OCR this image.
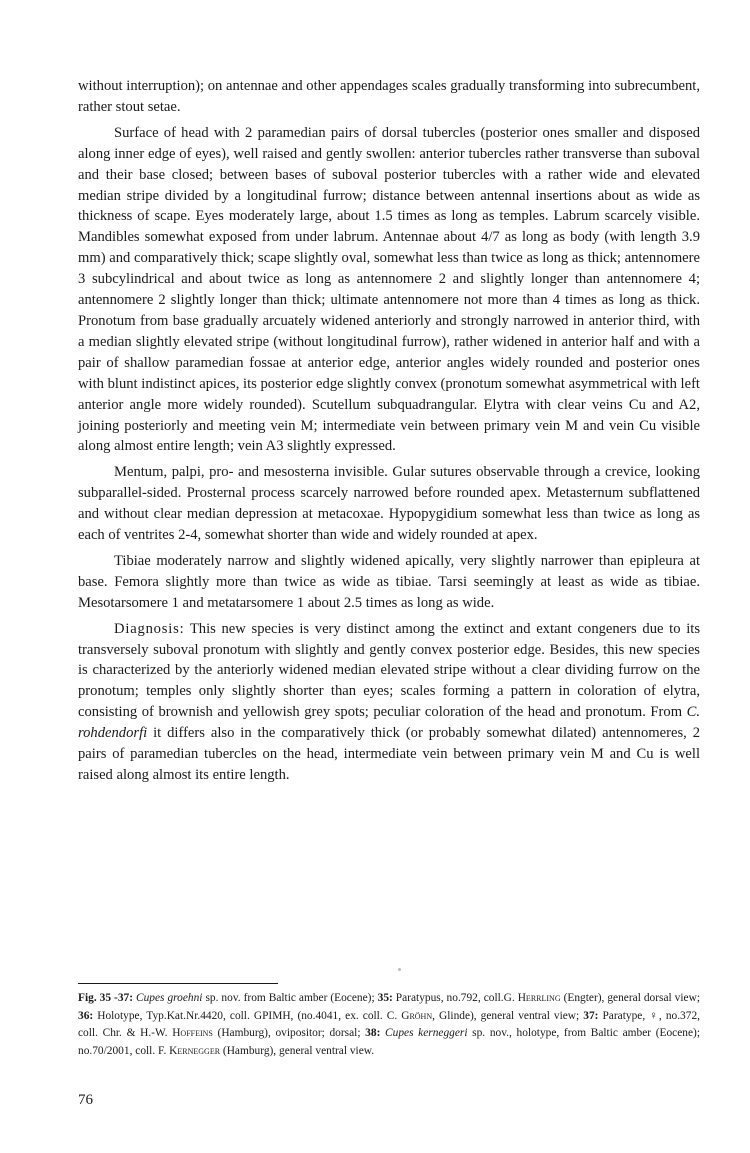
without interruption); on antennae and other appendages scales gradually transforming into subrecumbent, rather stout setae.

Surface of head with 2 paramedian pairs of dorsal tubercles (posterior ones smaller and disposed along inner edge of eyes), well raised and gently swollen: anterior tubercles rather transverse than suboval and their base closed; between bases of suboval posterior tubercles with a rather wide and elevated median stripe divided by a longitudinal furrow; distance between antennal insertions about as wide as thickness of scape. Eyes moderately large, about 1.5 times as long as temples. Labrum scarcely visible. Mandibles somewhat exposed from under labrum. Antennae about 4/7 as long as body (with length 3.9 mm) and comparatively thick; scape slightly oval, somewhat less than twice as long as thick; antennomere 3 subcylindrical and about twice as long as antennomere 2 and slightly longer than antennomere 4; antennomere 2 slightly longer than thick; ultimate antennomere not more than 4 times as long as thick. Pronotum from base gradually arcuately widened anteriorly and strongly narrowed in anterior third, with a median slightly elevated stripe (without longitudinal furrow), rather widened in anterior half and with a pair of shallow paramedian fossae at anterior edge, anterior angles widely rounded and posterior ones with blunt indistinct apices, its posterior edge slightly convex (pronotum somewhat asymmetrical with left anterior angle more widely rounded). Scutellum subquadrangular. Elytra with clear veins Cu and A2, joining posteriorly and meeting vein M; intermediate vein between primary vein M and vein Cu visible along almost entire length; vein A3 slightly expressed.

Mentum, palpi, pro- and mesosterna invisible. Gular sutures observable through a crevice, looking subparallel-sided. Prosternal process scarcely narrowed before rounded apex. Metasternum subflattened and without clear median depression at metacoxae. Hypopygidium somewhat less than twice as long as each of ventrites 2-4, somewhat shorter than wide and widely rounded at apex.

Tibiae moderately narrow and slightly widened apically, very slightly narrower than epipleura at base. Femora slightly more than twice as wide as tibiae. Tarsi seemingly at least as wide as tibiae. Mesotarsomere 1 and metatarsomere 1 about 2.5 times as long as wide.

Diagnosis: This new species is very distinct among the extinct and extant congeners due to its transversely suboval pronotum with slightly and gently convex posterior edge. Besides, this new species is characterized by the anteriorly widened median elevated stripe without a clear dividing furrow on the pronotum; temples only slightly shorter than eyes; scales forming a pattern in coloration of elytra, consisting of brownish and yellowish grey spots; peculiar coloration of the head and pronotum. From C. rohdendorfi it differs also in the comparatively thick (or probably somewhat dilated) antennomeres, 2 pairs of paramedian tubercles on the head, intermediate vein between primary vein M and Cu is well raised along almost its entire length.

Fig. 35 -37: Cupes groehni sp. nov. from Baltic amber (Eocene); 35: Paratypus, no.792, coll.G. Herrling (Engter), general dorsal view; 36: Holotype, Typ.Kat.Nr.4420, coll. GPIMH, (no.4041, ex. coll. C. Gröhn, Glinde), general ventral view; 37: Paratype, ♀, no.372, coll. Chr. & H.-W. Hoffeins (Hamburg), ovipositor; dorsal; 38: Cupes kerneggeri sp. nov., holotype, from Baltic amber (Eocene); no.70/2001, coll. F. Kernegger (Hamburg), general ventral view.
76
